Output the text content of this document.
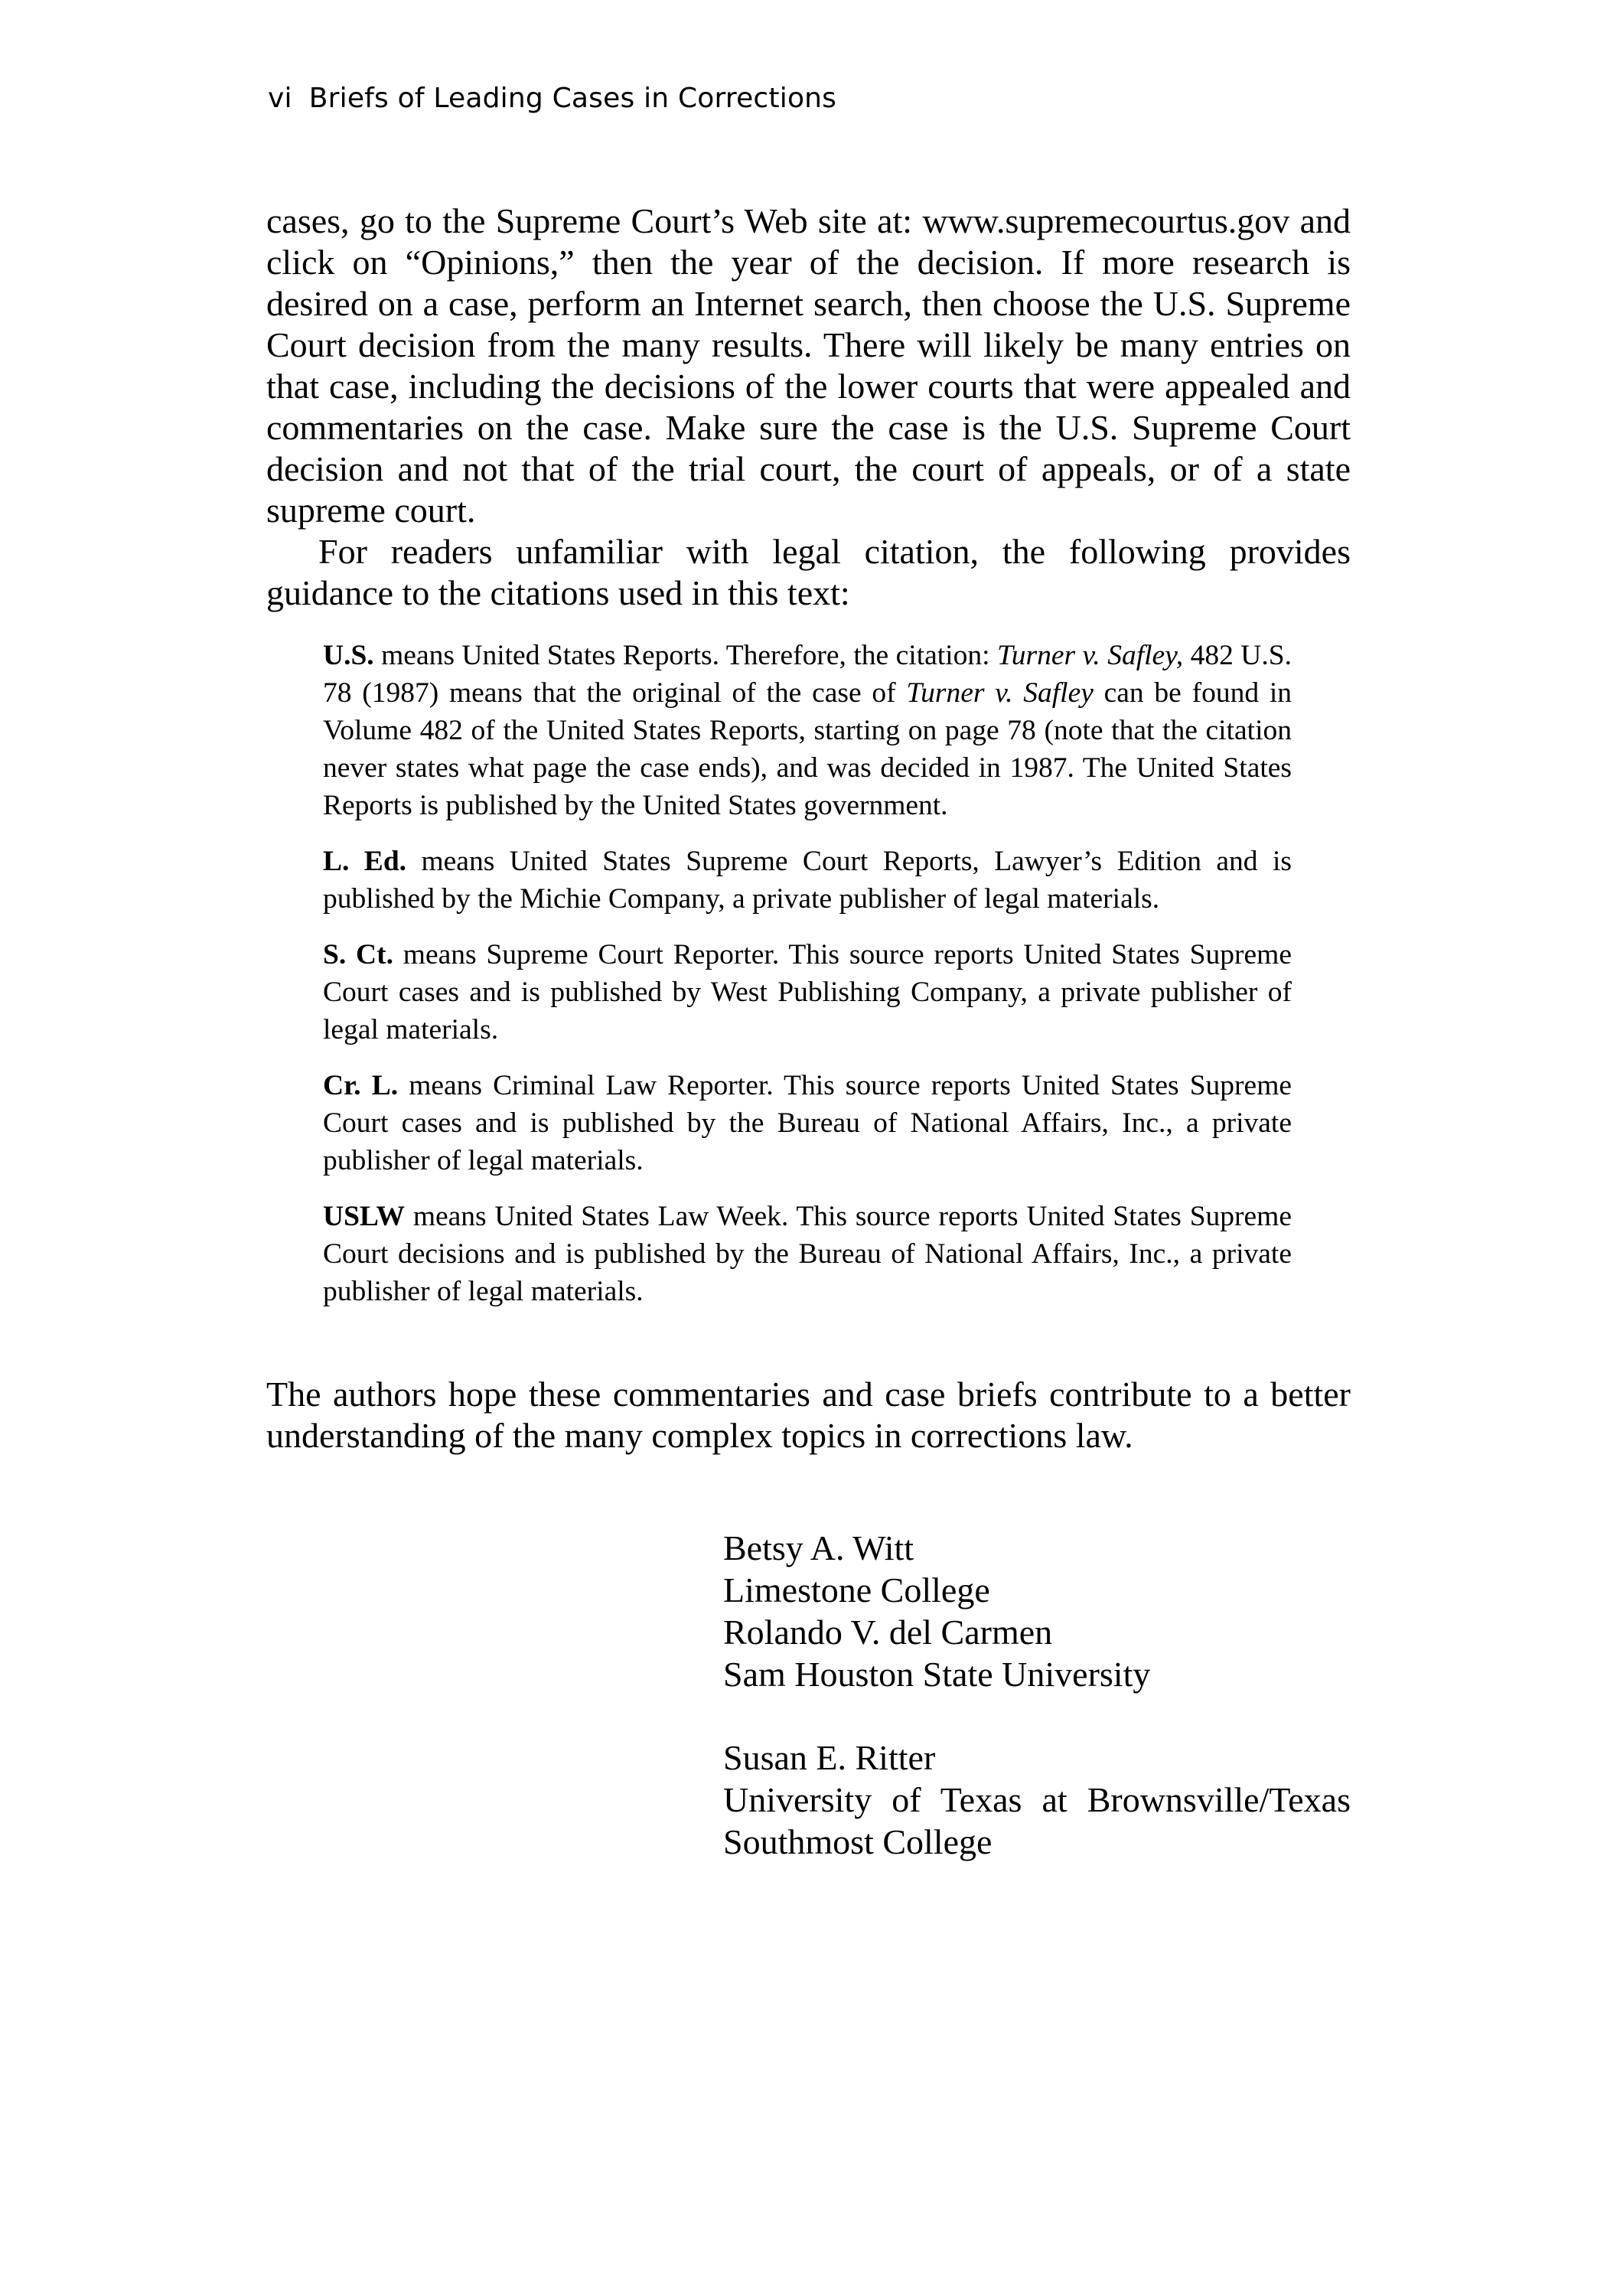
vi Briefs of Leading Cases in Corrections

cases, go to the Supreme Court’s Web site at: www.supremecourtus.gov and click on “Opinions,” then the year of the decision. If more research is desired on a case, perform an Internet search, then choose the U.S. Supreme Court decision from the many results. There will likely be many entries on that case, including the decisions of the lower courts that were appealed and commentaries on the case. Make sure the case is the U.S. Supreme Court decision and not that of the trial court, the court of appeals, or of a state supreme court.

For readers unfamiliar with legal citation, the following provides guidance to the citations used in this text:

U.S. means United States Reports. Therefore, the citation: Turner v. Safley, 482 U.S. 78 (1987) means that the original of the case of Turner v. Safley can be found in Volume 482 of the United States Reports, starting on page 78 (note that the citation never states what page the case ends), and was decided in 1987. The United States Reports is published by the United States government.

L. Ed. means United States Supreme Court Reports, Lawyer’s Edition and is published by the Michie Company, a private publisher of legal materials.

S. Ct. means Supreme Court Reporter. This source reports United States Supreme Court cases and is published by West Publishing Company, a private publisher of legal materials.

Cr. L. means Criminal Law Reporter. This source reports United States Supreme Court cases and is published by the Bureau of National Affairs, Inc., a private publisher of legal materials.

USLW means United States Law Week. This source reports United States Supreme Court decisions and is published by the Bureau of National Affairs, Inc., a private publisher of legal materials.

The authors hope these commentaries and case briefs contribute to a better understanding of the many complex topics in corrections law.

Betsy A. Witt
Limestone College
Rolando V. del Carmen
Sam Houston State University
Susan E. Ritter
University of Texas at Brownsville/Texas
Southmost College
